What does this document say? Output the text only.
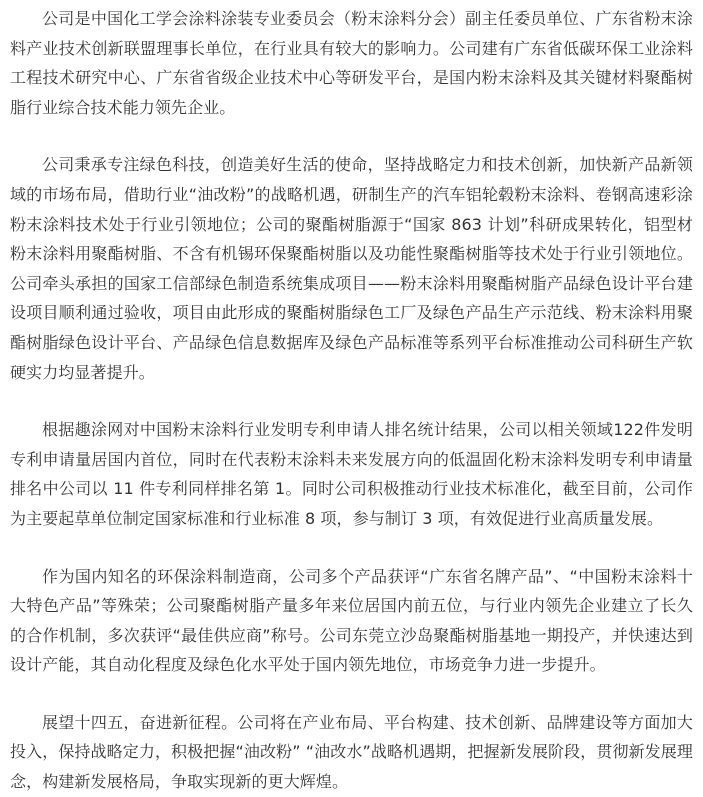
公司是中国化工学会涂料涂装专业委员会（粉末涂料分会）副主任委员单位、广东省粉末涂料产业技术创新联盟理事长单位，在行业具有较大的影响力。公司建有广东省低碳环保工业涂料工程技术研究中心、广东省省级企业技术中心等研发平台，是国内粉末涂料及其关键材料聚酯树脂行业综合技术能力领先企业。

公司秉承专注绿色科技，创造美好生活的使命，坚持战略定力和技术创新，加快新产品新领域的市场布局，借助行业“油改粉”的战略机遇，研制生产的汽车铝轮毂粉末涂料、卷钢高速彩涂粉末涂料技术处于行业引领地位；公司的聚酯树脂源于“国家 863 计划”科研成果转化，铝型材粉末涂料用聚酯树脂、不含有机锡环保聚酯树脂以及功能性聚酯树脂等技术处于行业引领地位。公司牵头承担的国家工信部绿色制造系统集成项目——粉末涂料用聚酯树脂产品绿色设计平台建设项目顺利通过验收，项目由此形成的聚酯树脂绿色工厂及绿色产品生产示范线、粉末涂料用聚酯树脂绿色设计平台、产品绿色信息数据库及绿色产品标准等系列平台标准推动公司科研生产软硬实力均显著提升。

根据趣涂网对中国粉末涂料行业发明专利申请人排名统计结果，公司以相关领域122件发明专利申请量居国内首位，同时在代表粉末涂料未来发展方向的低温固化粉末涂料发明专利申请量排名中公司以 11 件专利同样排名第 1。同时公司积极推动行业技术标准化，截至目前，公司作为主要起草单位制定国家标准和行业标准 8 项，参与制订 3 项，有效促进行业高质量发展。

作为国内知名的环保涂料制造商，公司多个产品获评“广东省名牌产品”、“中国粉末涂料十大特色产品”等殊荣；公司聚酯树脂产量多年来位居国内前五位，与行业内领先企业建立了长久的合作机制，多次获评“最佳供应商”称号。公司东莞立沙岛聚酯树脂基地一期投产，并快速达到设计产能，其自动化程度及绿色化水平处于国内领先地位，市场竞争力进一步提升。

展望十四五，奋进新征程。公司将在产业布局、平台构建、技术创新、品牌建设等方面加大投入，保持战略定力，积极把握“油改粉” “油改水”战略机遇期，把握新发展阶段，贯彻新发展理念，构建新发展格局，争取实现新的更大辉煌。
